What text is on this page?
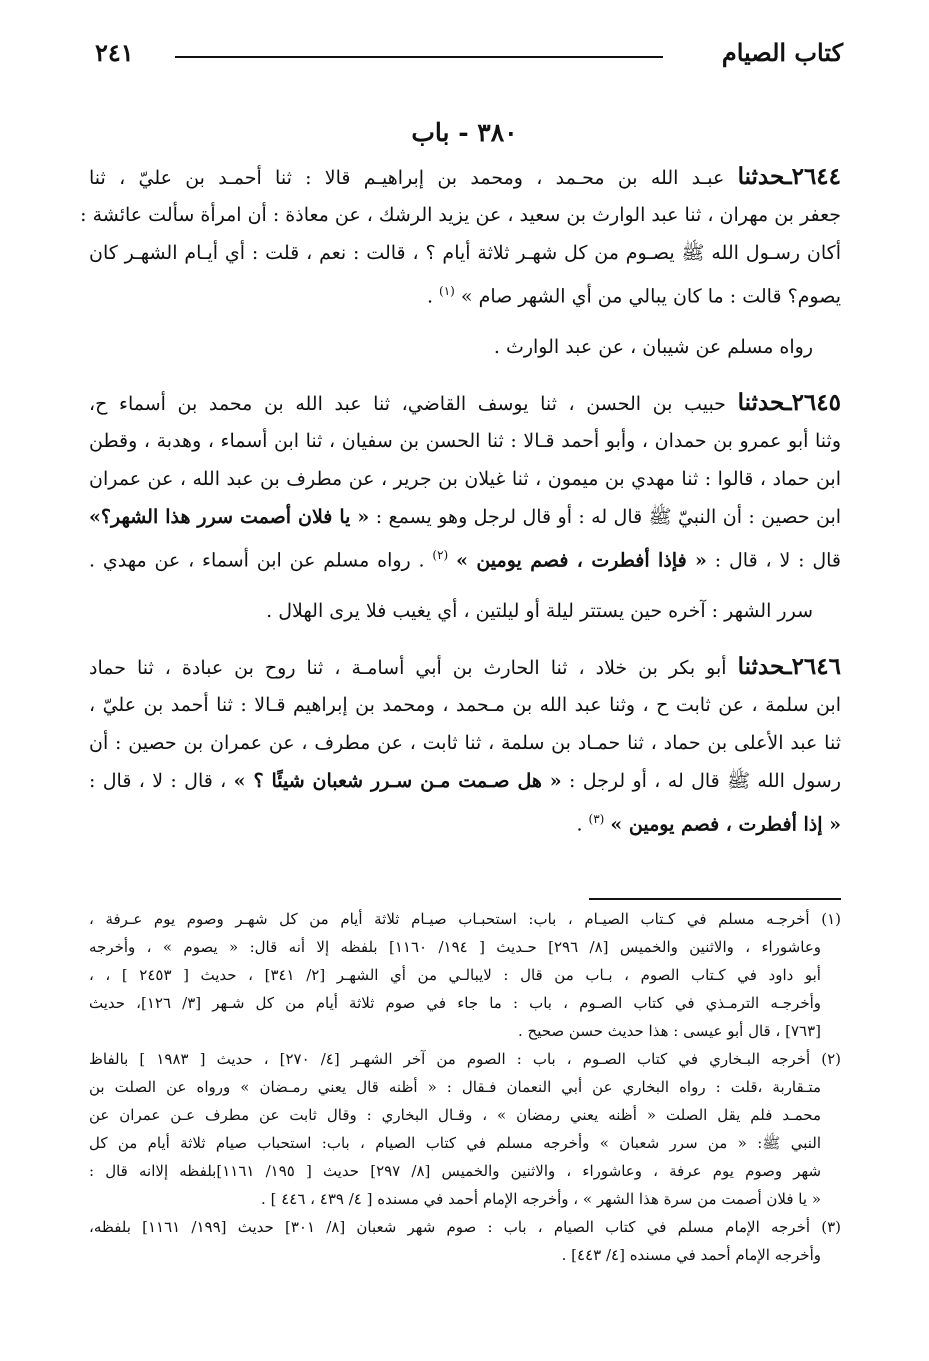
كتاب الصيام
٢٤١
٣٨٠ - باب
٢٦٤٤ـحدثنا عبـد الله بن محـمد ، ومحمد بن إبراهيـم قالا : ثنا أحمـد بن عليّ ، ثنا
جعفر بن مهران ، ثنا عبد الوارث بن سعيد ، عن يزيد الرشك ، عن معاذة : أن امرأة سألت عائشة :
أكان رسـول الله ﷺ يصـوم من كل شهـر ثلاثة أيام ؟ ، قالت : نعم ، قلت : أي أيـام الشهـر كان
يصوم؟ قالت : ما كان يبالي من أي الشهر صام » $^{(١)}$ .
رواه مسلم عن شيبان ، عن عبد الوارث .
٢٦٤٥ـحدثنا حبيب بن الحسن ، ثنا يوسف القاضي، ثنا عبد الله بن محمد بن أسماء ح،
وثنا أبو عمرو بن حمدان ، وأبو أحمد قـالا : ثنا الحسن بن سفيان ، ثنا ابن أسماء ، وهدبة ، وقطن
ابن حماد ، قالوا : ثنا مهدي بن ميمون ، ثنا غيلان بن جرير ، عن مطرف بن عبد الله ، عن عمران
ابن حصين : أن النبيّ ﷺ قال له : أو قال لرجل وهو يسمع : « يا فلان أصمت سرر هذا الشهر؟»
قال : لا ، قال : « فإذا أفطرت ، فصم يومين » $^{(٢)}$ . رواه مسلم عن ابن أسماء ، عن مهدي .
سرر الشهر : آخره حين يستتر ليلة أو ليلتين ، أي يغيب فلا يرى الهلال .
٢٦٤٦ـحدثنا أبو بكر بن خلاد ، ثنا الحارث بن أبي أسامـة ، ثنا روح بن عبادة ، ثنا حماد
ابن سلمة ، عن ثابت ح ، وثنا عبد الله بن مـحمد ، ومحمد بن إبراهيم قـالا : ثنا أحمد بن عليّ ،
ثنا عبد الأعلى بن حماد ، ثنا حمـاد بن سلمة ، ثنا ثابت ، عن مطرف ، عن عمران بن حصين : أن
رسول الله ﷺ قال له ، أو لرجل : « هل صـمت مـن سـرر شعبان شيئًا ؟ » ، قال : لا ، قال :
« إذا أفطرت ، فصم يومين » $^{(٣)}$ .
(١) أخرجـه مسلم في كـتاب الصيـام ، باب: استحبـاب صيـام ثلاثة أيام من كل شهـر وصوم يوم عـرفة ،
وعاشوراء ، والاثنين والخميس [٨/ ٢٩٦] حـديث [ ١٩٤/ ١١٦٠] بلفظه إلا أنه قال: « يصوم » ، وأخرجه
أبو داود في كـتاب الصوم ، بـاب من قال : لايبالـي من أي الشهـر [٢/ ٣٤١] ، حديث [ ٢٤٥٣ ] ، ،
وأخرجـه الترمـذي في كتاب الصـوم ، باب : ما جاء في صوم ثلاثة أيام من كل شـهر [٣/ ١٢٦]، حديث
[٧٦٣] ، قال أبو عيسى : هذا حديث حسن صحيح .
(٢) أخرجه البـخاري في كتاب الصـوم ، باب : الصوم من آخر الشهـر [٤/ ٢٧٠] ، حديث [ ١٩٨٣ ] بالفاظ
متـقاربة ،قلت : رواه البخاري عن أبي النعمان فـقال : « أظنه قال يعني رمـضان » ورواه عن الصلت بن
محمـد فلم يقل الصلت « أظنه يعني رمضان » ، وقـال البخاري : وقال ثابت عن مطرف عـن عمران عن
النبي ﷺ: « من سرر شعبان » وأخرجه مسلم في كتاب الصيام ، باب: استحباب صيام ثلاثة أيام من كل
شهر وصوم يوم عرفة ، وعاشوراء ، والاثنين والخميس [٨/ ٢٩٧] حديث [ ١٩٥/ ١١٦١]بلفظه إلاانه قال :
« يا فلان أصمت من سرة هذا الشهر » ، وأخرجه الإمام أحمد في مسنده [ ٤/ ٤٣٩ ، ٤٤٦ ] .
(٣) أخرجه الإمام مسلم في كتاب الصيام ، باب : صوم شهر شعبان [٨/ ٣٠١] حديث [١٩٩/ ١١٦١] بلفظه،
وأخرجه الإمام أحمد في مسنده [٤/ ٤٤٣] .
